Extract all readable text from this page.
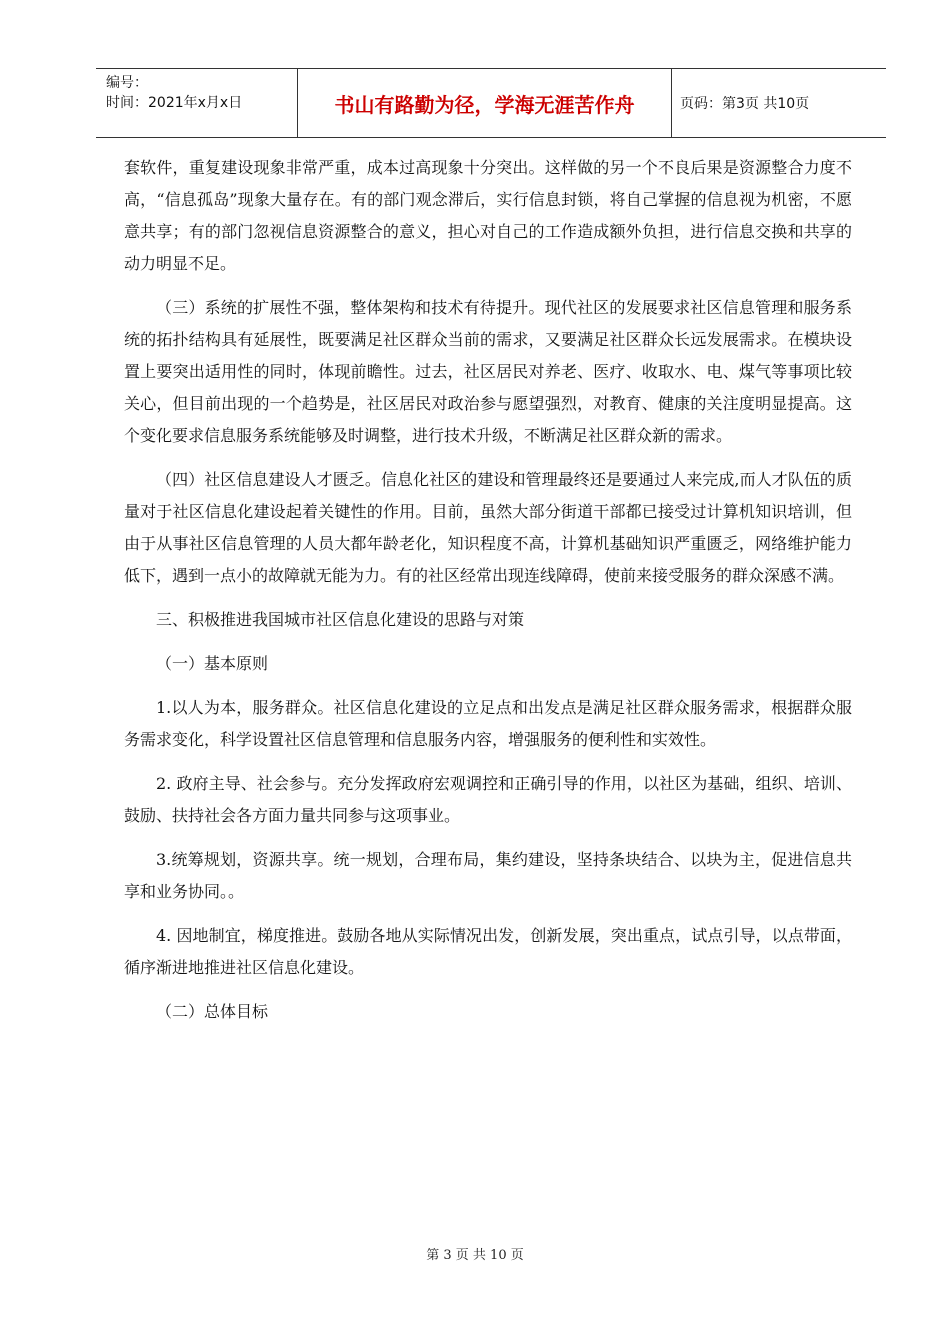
编号：
时间：2021年x月x日	书山有路勤为径，学海无涯苦作舟	页码：第3页 共10页

套软件，重复建设现象非常严重，成本过高现象十分突出。这样做的另一个不良后果是资源整合力度不高，“信息孤岛”现象大量存在。有的部门观念滞后，实行信息封锁，将自己掌握的信息视为机密，不愿意共享；有的部门忽视信息资源整合的意义，担心对自己的工作造成额外负担，进行信息交换和共享的动力明显不足。

（三）系统的扩展性不强，整体架构和技术有待提升。现代社区的发展要求社区信息管理和服务系统的拓扑结构具有延展性，既要满足社区群众当前的需求，又要满足社区群众长远发展需求。在模块设置上要突出适用性的同时，体现前瞻性。过去，社区居民对养老、医疗、收取水、电、煤气等事项比较关心，但目前出现的一个趋势是，社区居民对政治参与愿望强烈，对教育、健康的关注度明显提高。这个变化要求信息服务系统能够及时调整，进行技术升级，不断满足社区群众新的需求。

（四）社区信息建设人才匮乏。信息化社区的建设和管理最终还是要通过人来完成,而人才队伍的质量对于社区信息化建设起着关键性的作用。目前，虽然大部分街道干部都已接受过计算机知识培训，但由于从事社区信息管理的人员大都年龄老化，知识程度不高，计算机基础知识严重匮乏，网络维护能力低下，遇到一点小的故障就无能为力。有的社区经常出现连线障碍，使前来接受服务的群众深感不满。

三、积极推进我国城市社区信息化建设的思路与对策

（一）基本原则

1.以人为本，服务群众。社区信息化建设的立足点和出发点是满足社区群众服务需求，根据群众服务需求变化，科学设置社区信息管理和信息服务内容，增强服务的便利性和实效性。

2. 政府主导、社会参与。充分发挥政府宏观调控和正确引导的作用，以社区为基础，组织、培训、鼓励、扶持社会各方面力量共同参与这项事业。

3.统筹规划，资源共享。统一规划，合理布局，集约建设，坚持条块结合、以块为主，促进信息共享和业务协同。。

4. 因地制宜，梯度推进。鼓励各地从实际情况出发，创新发展，突出重点，试点引导，以点带面，循序渐进地推进社区信息化建设。

（二）总体目标

第 3 页 共 10 页
